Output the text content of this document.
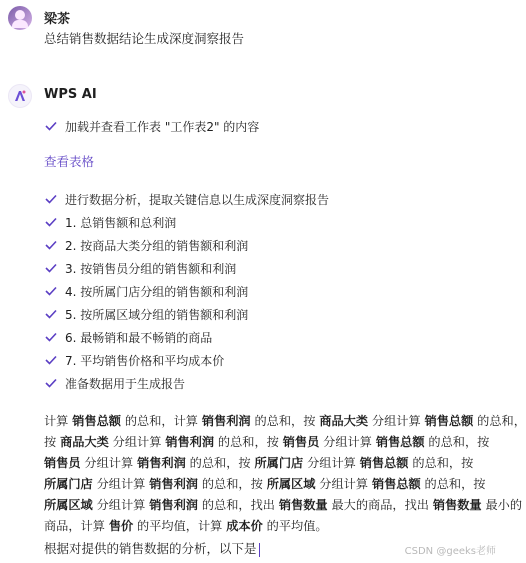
梁茶
总结销售数据结论生成深度洞察报告
WPS AI
加载并查看工作表 "工作表2" 的内容
查看表格
进行数据分析，提取关键信息以生成深度洞察报告
1. 总销售额和总利润
2. 按商品大类分组的销售额和利润
3. 按销售员分组的销售额和利润
4. 按所属门店分组的销售额和利润
5. 按所属区域分组的销售额和利润
6. 最畅销和最不畅销的商品
7. 平均销售价格和平均成本价
准备数据用于生成报告
计算 销售总额 的总和，计算 销售利润 的总和，按 商品大类 分组计算 销售总额 的总和，
按 商品大类 分组计算 销售利润 的总和，按 销售员 分组计算 销售总额 的总和，按
销售员 分组计算 销售利润 的总和，按 所属门店 分组计算 销售总额 的总和，按
所属门店 分组计算 销售利润 的总和，按 所属区域 分组计算 销售总额 的总和，按
所属区域 分组计算 销售利润 的总和，找出 销售数量 最大的商品，找出 销售数量 最小的
商品，计算 售价 的平均值，计算 成本价 的平均值。
根据对提供的销售数据的分析，以下是	CSDN @geeks老师
